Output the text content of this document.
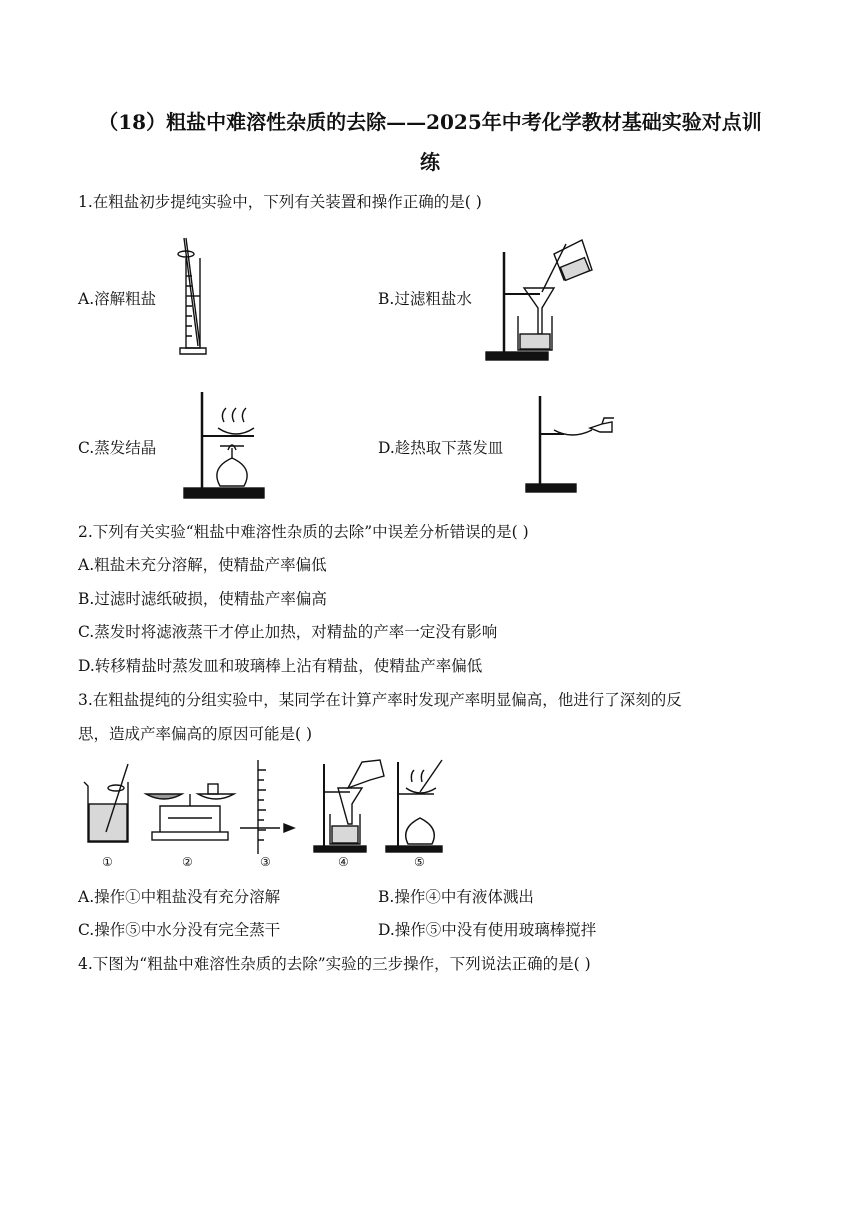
（18）粗盐中难溶性杂质的去除——2025年中考化学教材基础实验对点训
练
1.在粗盐初步提纯实验中，下列有关装置和操作正确的是( )
A.溶解粗盐	B.过滤粗盐水
C.蒸发结晶	D.趁热取下蒸发皿
2.下列有关实验“粗盐中难溶性杂质的去除”中误差分析错误的是( )
A.粗盐未充分溶解，使精盐产率偏低
B.过滤时滤纸破损，使精盐产率偏高
C.蒸发时将滤液蒸干才停止加热，对精盐的产率一定没有影响
D.转移精盐时蒸发皿和玻璃棒上沾有精盐，使精盐产率偏低
3.在粗盐提纯的分组实验中，某同学在计算产率时发现产率明显偏高，他进行了深刻的反
思，造成产率偏高的原因可能是( )
①	②	③	④	⑤
A.操作①中粗盐没有充分溶解	B.操作④中有液体溅出
C.操作⑤中水分没有完全蒸干	D.操作⑤中没有使用玻璃棒搅拌
4.下图为“粗盐中难溶性杂质的去除”实验的三步操作，下列说法正确的是( )
